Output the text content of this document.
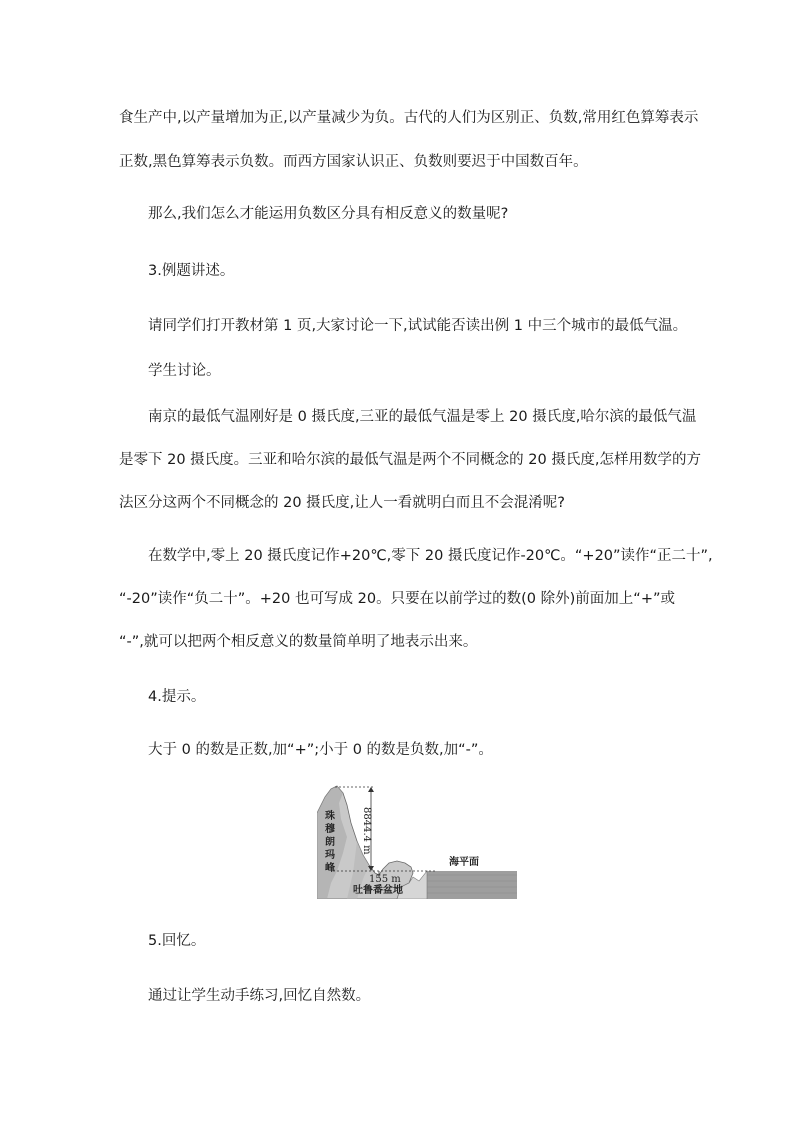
食生产中,以产量增加为正,以产量减少为负。古代的人们为区别正、负数,常用红色算筹表示
正数,黑色算筹表示负数。而西方国家认识正、负数则要迟于中国数百年。
那么,我们怎么才能运用负数区分具有相反意义的数量呢?
3.例题讲述。
请同学们打开教材第 1 页,大家讨论一下,试试能否读出例 1 中三个城市的最低气温。
学生讨论。
南京的最低气温刚好是 0 摄氏度,三亚的最低气温是零上 20 摄氏度,哈尔滨的最低气温
是零下 20 摄氏度。三亚和哈尔滨的最低气温是两个不同概念的 20 摄氏度,怎样用数学的方
法区分这两个不同概念的 20 摄氏度,让人一看就明白而且不会混淆呢?
在数学中,零上 20 摄氏度记作+20℃,零下 20 摄氏度记作-20℃。“+20”读作“正二十”,
“-20”读作“负二十”。+20 也可写成 20。只要在以前学过的数(0 除外)前面加上“+”或
“-”,就可以把两个相反意义的数量简单明了地表示出来。
4.提示。
大于 0 的数是正数,加“+”;小于 0 的数是负数,加“-”。
8844.4 m
155 m
吐鲁番盆地
海平面
珠 穆 朗 玛 峰
5.回忆。
通过让学生动手练习,回忆自然数。
